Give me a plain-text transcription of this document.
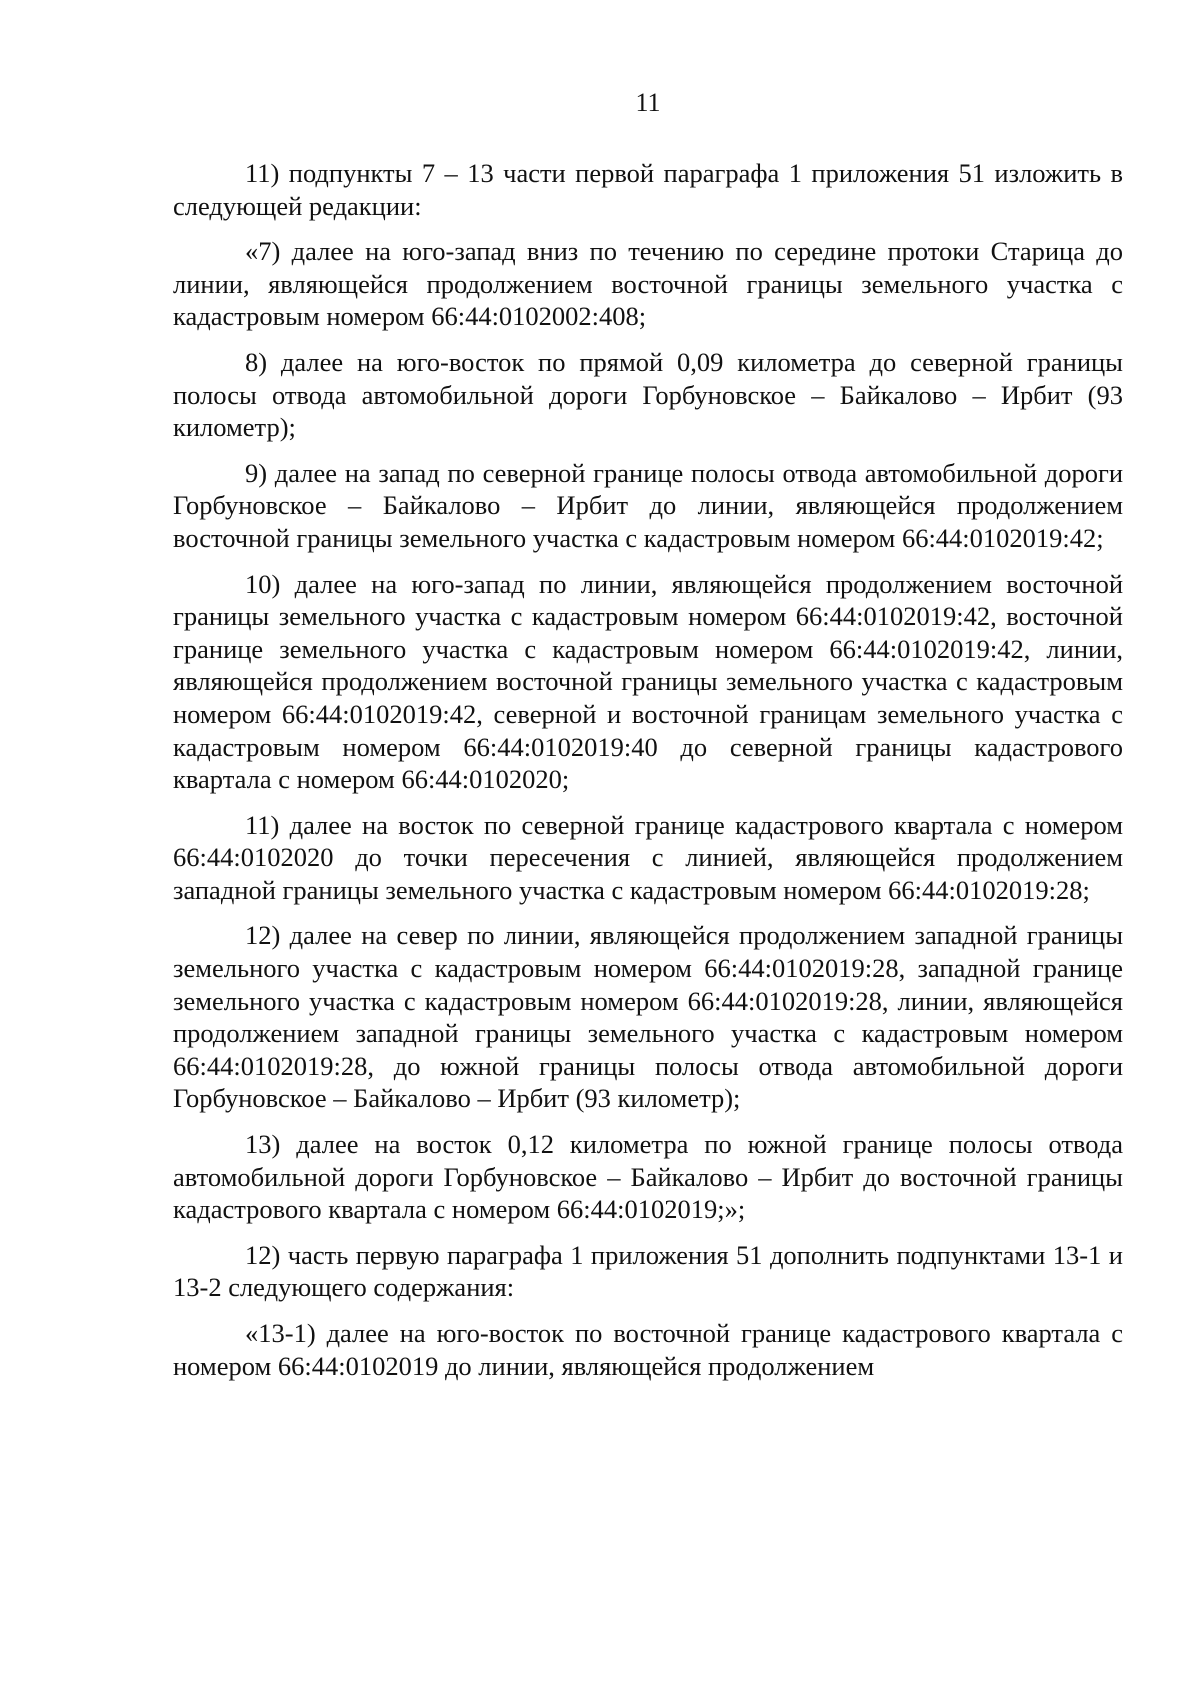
11

11) подпункты 7 – 13 части первой параграфа 1 приложения 51 изложить в следующей редакции:

«7) далее на юго-запад вниз по течению по середине протоки Старица до линии, являющейся продолжением восточной границы земельного участка с кадастровым номером 66:44:0102002:408;

8) далее на юго-восток по прямой 0,09 километра до северной границы полосы отвода автомобильной дороги Горбуновское – Байкалово – Ирбит (93 километр);

9) далее на запад по северной границе полосы отвода автомобильной дороги Горбуновское – Байкалово – Ирбит до линии, являющейся продолжением восточной границы земельного участка с кадастровым номером 66:44:0102019:42;

10) далее на юго-запад по линии, являющейся продолжением восточной границы земельного участка с кадастровым номером 66:44:0102019:42, восточной границе земельного участка с кадастровым номером 66:44:0102019:42, линии, являющейся продолжением восточной границы земельного участка с кадастровым номером 66:44:0102019:42, северной и восточной границам земельного участка с кадастровым номером 66:44:0102019:40 до северной границы кадастрового квартала с номером 66:44:0102020;

11) далее на восток по северной границе кадастрового квартала с номером 66:44:0102020 до точки пересечения с линией, являющейся продолжением западной границы земельного участка с кадастровым номером 66:44:0102019:28;

12) далее на север по линии, являющейся продолжением западной границы земельного участка с кадастровым номером 66:44:0102019:28, западной границе земельного участка с кадастровым номером 66:44:0102019:28, линии, являющейся продолжением западной границы земельного участка с кадастровым номером 66:44:0102019:28, до южной границы полосы отвода автомобильной дороги Горбуновское – Байкалово – Ирбит (93 километр);

13) далее на восток 0,12 километра по южной границе полосы отвода автомобильной дороги Горбуновское – Байкалово – Ирбит до восточной границы кадастрового квартала с номером 66:44:0102019;»;

12) часть первую параграфа 1 приложения 51 дополнить подпунктами 13-1 и 13-2 следующего содержания:

«13-1) далее на юго-восток по восточной границе кадастрового квартала с номером 66:44:0102019 до линии, являющейся продолжением
